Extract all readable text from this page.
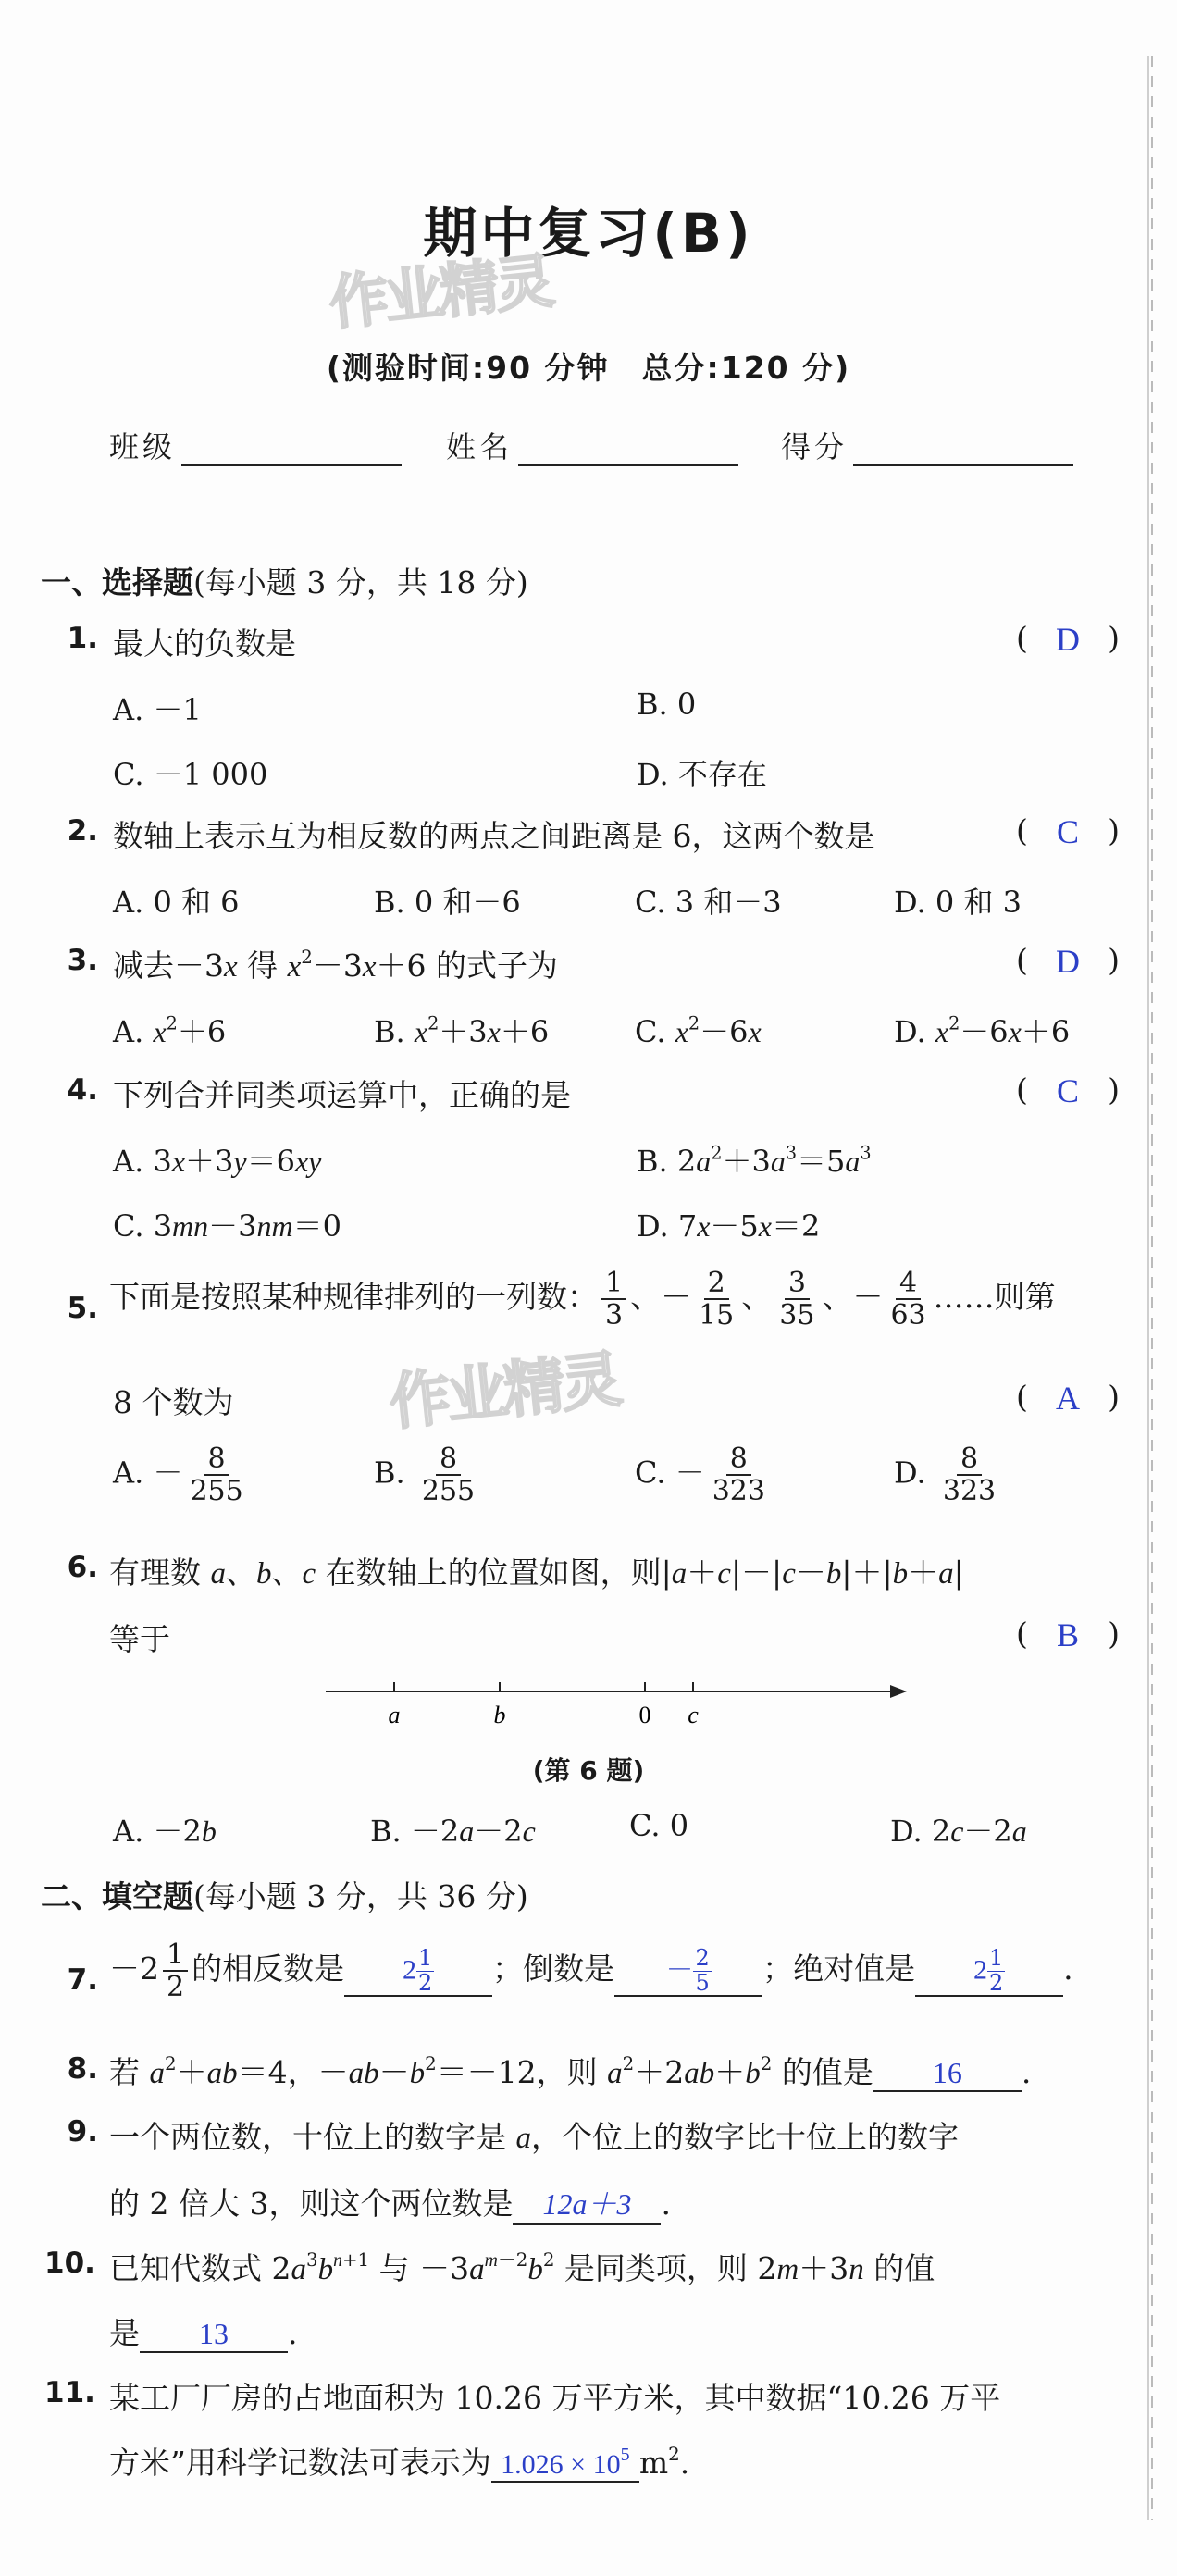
期中复习(B)
作业精灵
(测验时间:90 分钟　总分:120 分)
班级	姓名	得分
一、选择题(每小题 3 分，共 18 分)
1. 最大的负数是	( D )
A. －1	B. 0
C. －1 000	D. 不存在
2. 数轴上表示互为相反数的两点之间距离是 6，这两个数是	( C )
A. 0 和 6	B. 0 和－6	C. 3 和－3	D. 0 和 3
3. 减去－3x 得 $x^2-3x+6$ 的式子为	( D )
A. $x^2+6$	B. $x^2+3x+6$	C. $x^2-6x$	D. $x^2-6x+6$
4. 下列合并同类项运算中，正确的是	( C )
A. 3x＋3y＝6xy	B. $2a^2+3a^3=5a^3$
C. 3mn－3nm＝0	D. 7x－5x＝2
5. 下面是按照某种规律排列的一列数： $\frac{1}{3}$ 、－ $\frac{2}{15}$ 、 $\frac{3}{35}$ 、－ $\frac{4}{63}$ ……则第
8 个数为 作业精灵	( A )
A. － $\frac{8}{255}$	B. $\frac{8}{255}$	C. － $\frac{8}{323}$	D. $\frac{8}{323}$
6. 有理数 a、b、c 在数轴上的位置如图，则|a＋c|－|c－b|＋|b＋a|
等于	( B )
a	b	0 c
(第 6 题)
A. －2b	B. －2a－2c	C. 0	D. 2c－2a
二、填空题(每小题 3 分，共 36 分)
7. $-2 \frac{1}{2}$ 的相反数是 $2 \frac{1}{2}$ ；倒数是 － $\frac{2}{5}$ ；绝对值是 $2 \frac{1}{2}$ .
8. 若 $a^2+ab=4$，$-ab-b^2=-12$，则 $a^2+2ab+b^2$ 的值是 16 .
9. 一个两位数，十位上的数字是 a，个位上的数字比十位上的数字
的 2 倍大 3，则这个两位数是 12a＋3 .
10. 已知代数式 $2a^3b^{n+1}$ 与 $-3a^{m-2}b^2$ 是同类项，则 2m＋3n 的值
是 13 .
11. 某工厂厂房的占地面积为 10.26 万平方米，其中数据“10.26 万平
方米”用科学记数法可表示为 $1.026 \times 10^5$ $m^2$.
